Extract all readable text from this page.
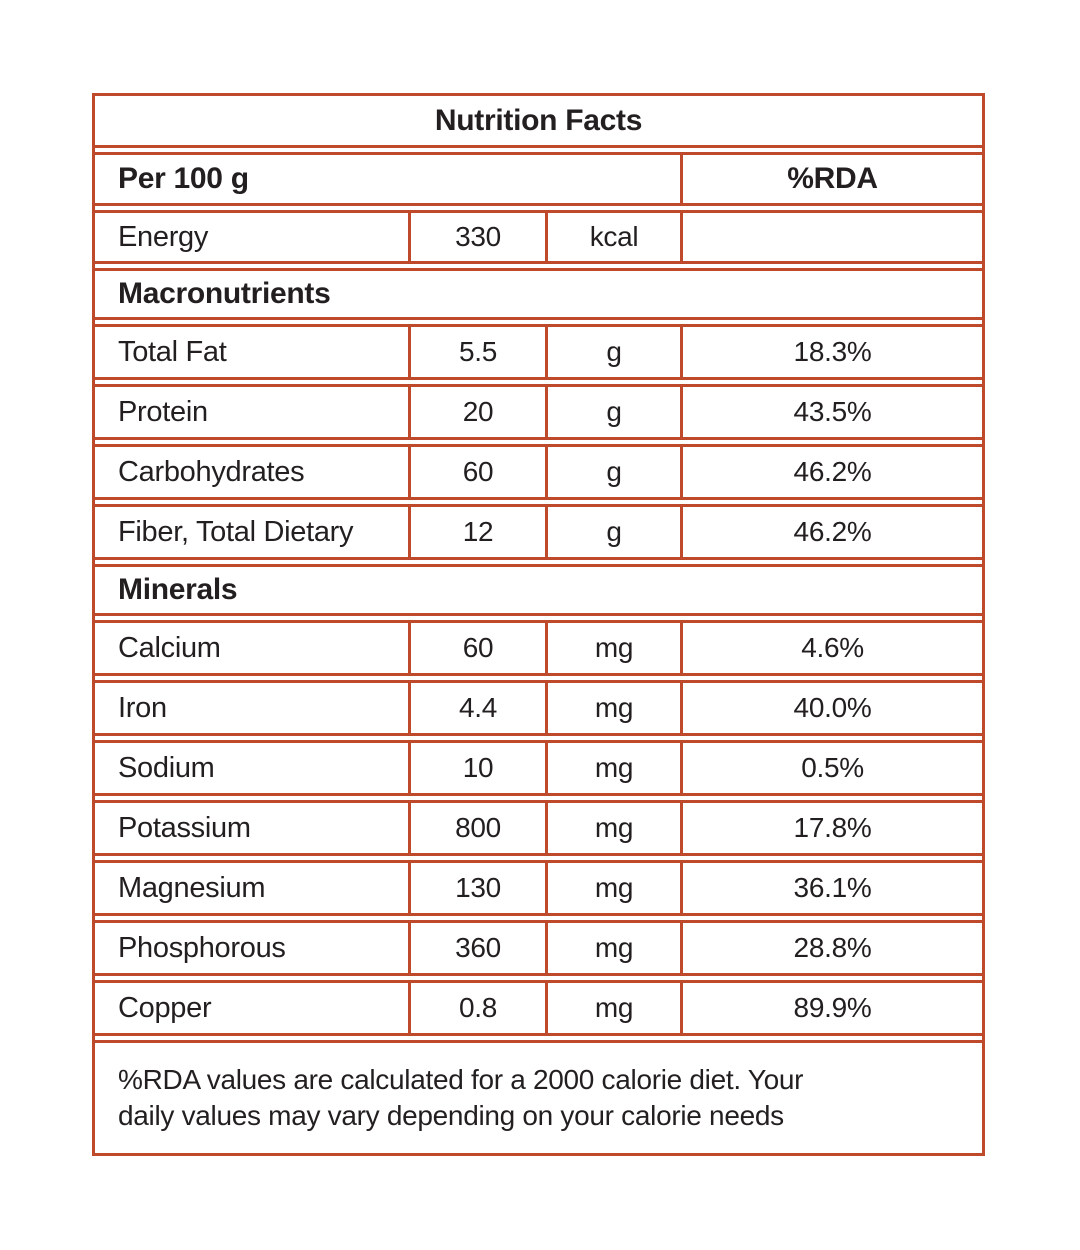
Nutrition Facts
Per 100 g	%RDA
Energy	330	kcal
Macronutrients
Total Fat	5.5	g	18.3%
Protein	20	g	43.5%
Carbohydrates	60	g	46.2%
Fiber, Total Dietary	12	g	46.2%
Minerals
Calcium	60	mg	4.6%
Iron	4.4	mg	40.0%
Sodium	10	mg	0.5%
Potassium	800	mg	17.8%
Magnesium	130	mg	36.1%
Phosphorous	360	mg	28.8%
Copper	0.8	mg	89.9%
%RDA values are calculated for a 2000 calorie diet. Your
daily values may vary depending on your calorie needs
